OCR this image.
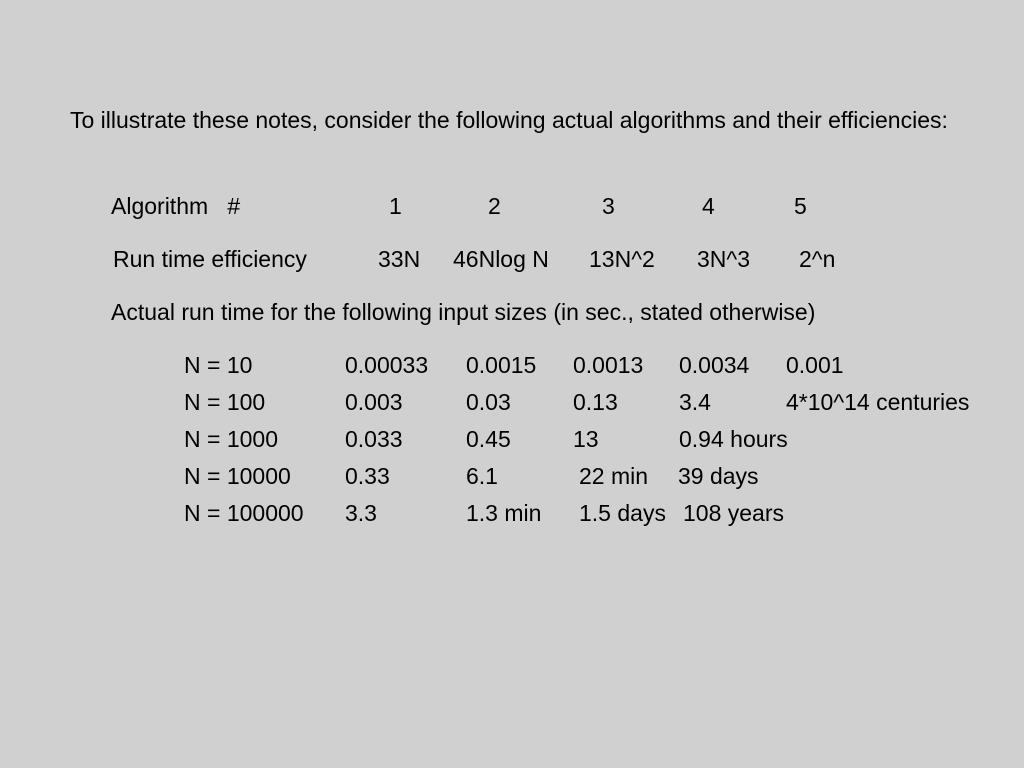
To illustrate these notes, consider the following actual algorithms and their efficiencies:
Algorithm   #	1	2	3	4	5
Run time efficiency	33N 46Nlog N 13N^2 3N^3 2^n
Actual run time for the following input sizes (in sec., stated otherwise)
N = 10	0.00033 0.0015 0.0013 0.0034 0.001
N = 100	0.003	0.03	0.13	3.4	4*10^14 centuries
N = 1000	0.033	0.45	13	0.94 hours
N = 10000 0.33	6.1	22 min 39 days
N = 100000 3.3	1.3 min 1.5 days 108 years
